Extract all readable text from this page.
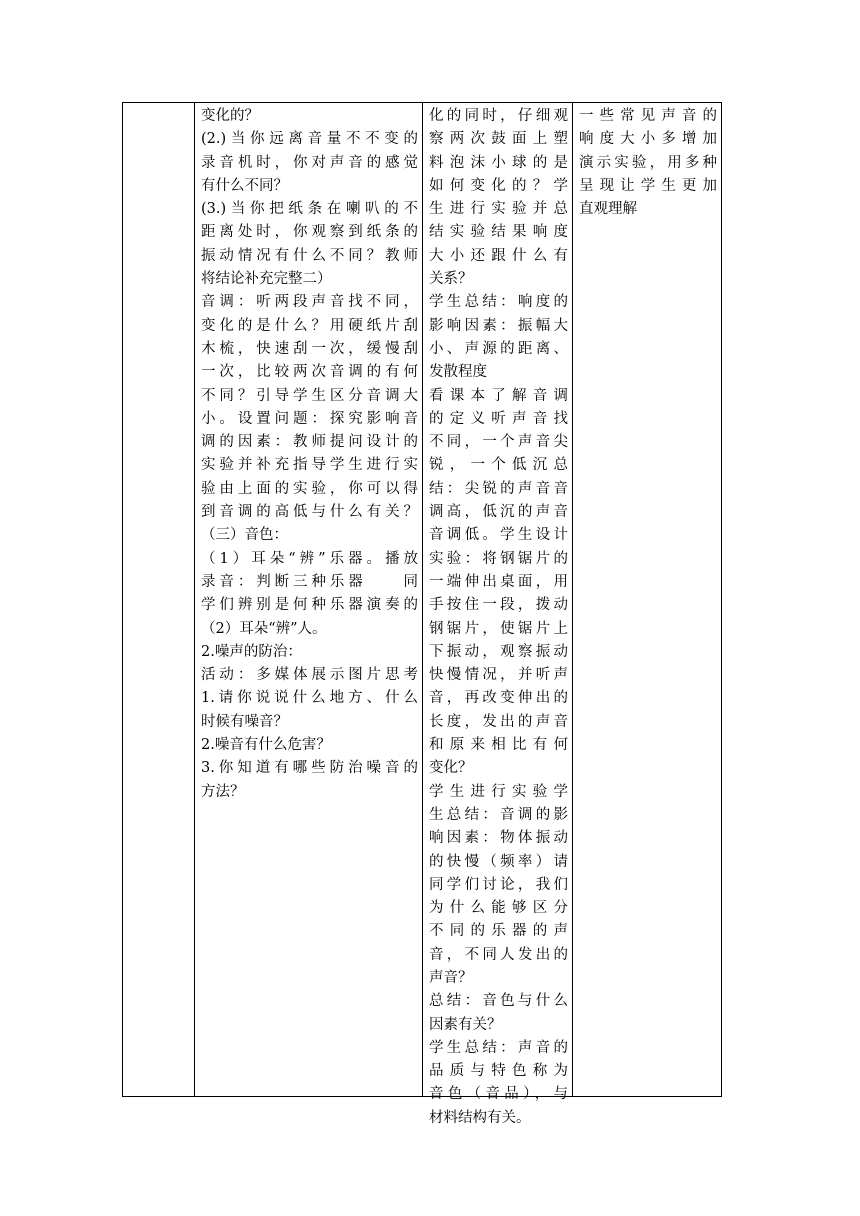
变化的？
(2.)当你远离音量不不变的
录音机时，你对声音的感觉
有什么不同？
(3.)当你把纸条在喇叭的不
距离处时，你观察到纸条的
振动情况有什么不同？教师
将结论补充完整二）
音调：听两段声音找不同，
变化的是什么？用硬纸片刮
木梳，快速刮一次，缓慢刮
一次，比较两次音调的有何
不同？引导学生区分音调大
小。设置问题：探究影响音
调的因素：教师提问设计的
实验并补充指导学生进行实
验由上面的实验，你可以得
到音调的高低与什么有关？
（三）音色：
（1）耳朵“辨”乐器。播放
录音：判断三种乐器　　同
学们辨别是何种乐器演奏的
（2）耳朵“辨”人。
2.噪声的防治：
活动：多媒体展示图片思考
1.请你说说什么地方、什么
时候有噪音？
2.噪音有什么危害？
3.你知道有哪些防治噪音的
方法？
化的同时，仔细观
察两次鼓面上塑
料泡沫小球的是
如何变化的？学
生进行实验并总
结实验结果响度
大小还跟什么有
关系？
学生总结：响度的
影响因素：振幅大
小、声源的距离、
发散程度
看课本了解音调
的定义听声音找
不同，一个声音尖
锐，一个低沉总
结：尖锐的声音音
调高，低沉的声音
音调低。学生设计
实验：将钢锯片的
一端伸出桌面，用
手按住一段，拨动
钢锯片，使锯片上
下振动，观察振动
快慢情况，并听声
音，再改变伸出的
长度，发出的声音
和原来相比有何
变化？
学生进行实验学
生总结：音调的影
响因素：物体振动
的快慢（频率）请
同学们讨论，我们
为什么能够区分
不同的乐器的声
音，不同人发出的
声音？
总结：音色与什么
因素有关？
学生总结：声音的
品质与特色称为
音色（音品），与
材料结构有关。
一些常见声音的
响度大小多增加
演示实验，用多种
呈现让学生更加
直观理解
